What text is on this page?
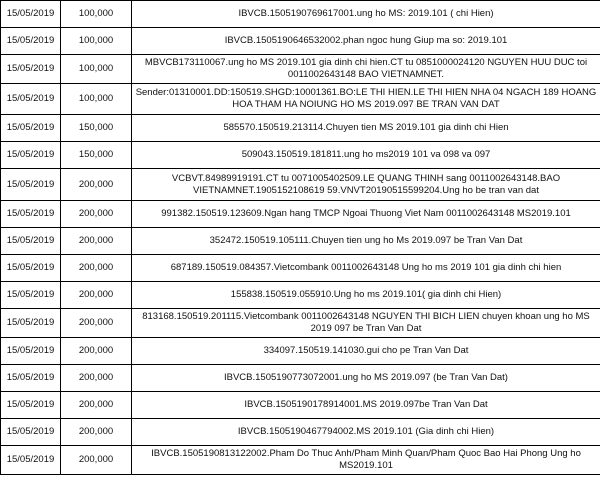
15/05/2019	100,000	IBVCB.1505190769617001.ung ho MS: 2019.101 ( chi Hien)
15/05/2019	100,000	IBVCB.1505190646532002.phan ngoc hung Giup ma so: 2019.101
15/05/2019	100,000	MBVCB173110067.ung ho MS 2019.101 gia dinh chi hien.CT tu 0851000024120 NGUYEN HUU DUC toi 0011002643148 BAO VIETNAMNET.
15/05/2019	100,000	Sender:01310001.DD:150519.SHGD:10001361.BO:LE THI HIEN.LE THI HIEN NHA 04 NGACH 189 HOANG HOA THAM HA NOIUNG HO MS 2019.097 BE TRAN VAN DAT
15/05/2019	150,000	585570.150519.213114.Chuyen tien MS 2019.101 gia dinh chi Hien
15/05/2019	150,000	509043.150519.181811.ung ho ms2019 101 va 098 va 097
15/05/2019	200,000	VCBVT.84989919191.CT tu 0071005402509.LE QUANG THINH sang 0011002643148.BAO VIETNAMNET.1905152108619 59.VNVT20190515599204.Ung ho be tran van dat
15/05/2019	200,000	991382.150519.123609.Ngan hang TMCP Ngoai Thuong Viet Nam 0011002643148 MS2019.101
15/05/2019	200,000	352472.150519.105111.Chuyen tien ung ho Ms 2019.097 be Tran Van Dat
15/05/2019	200,000	687189.150519.084357.Vietcombank 0011002643148 Ung ho ms 2019 101 gia dinh chi hien
15/05/2019	200,000	155838.150519.055910.Ung ho ms 2019.101( gia dinh chi Hien)
15/05/2019	200,000	813168.150519.201115.Vietcombank 0011002643148 NGUYEN THI BICH LIEN chuyen khoan ung ho MS 2019 097 be Tran Van Dat
15/05/2019	200,000	334097.150519.141030.gui cho pe Tran Van Dat
15/05/2019	200,000	IBVCB.1505190773072001.ung ho MS 2019.097 (be Tran Van Dat)
15/05/2019	200,000	IBVCB.1505190178914001.MS 2019.097be Tran Van Dat
15/05/2019	200,000	IBVCB.1505190467794002.MS 2019.101 (Gia dinh chi Hien)
15/05/2019	200,000	IBVCB.1505190813122002.Pham Do Thuc Anh/Pham Minh Quan/Pham Quoc Bao Hai Phong Ung ho MS2019.101
